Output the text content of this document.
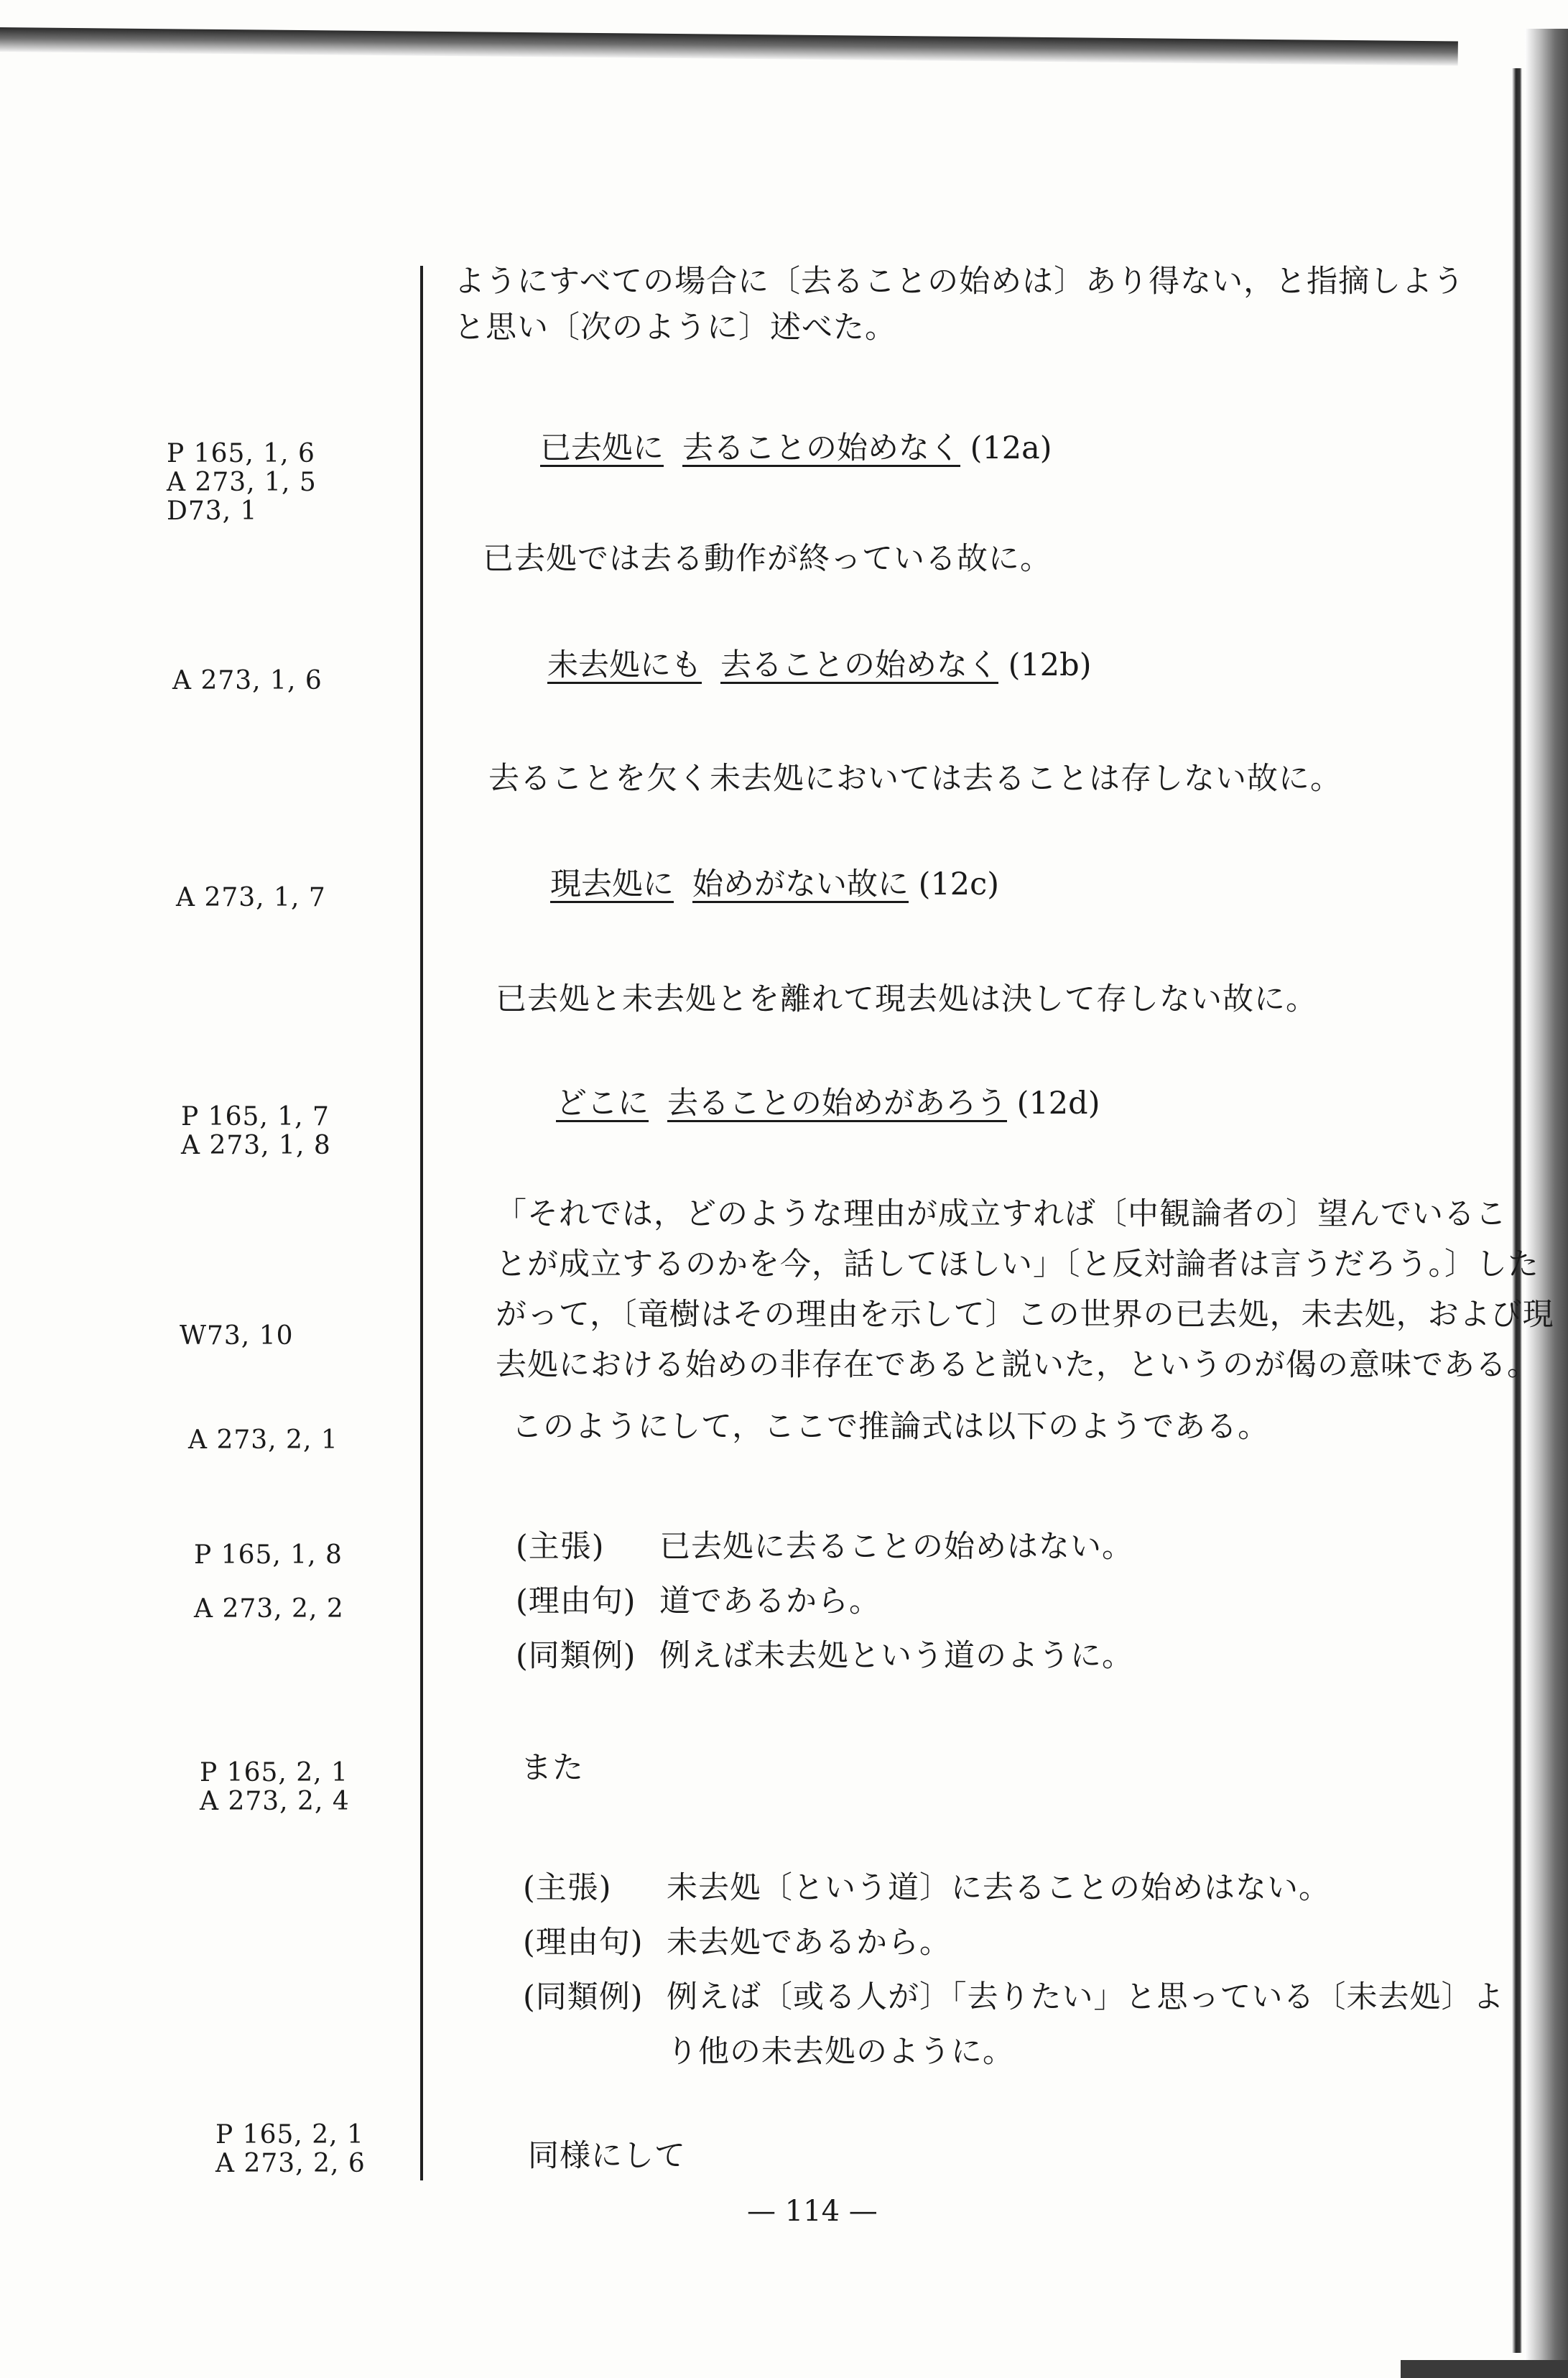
P 165, 1, 6
A 273, 1, 5
D73, 1
A 273, 1, 6
A 273, 1, 7
P 165, 1, 7
A 273, 1, 8
W73, 10
A 273, 2, 1
P 165, 1, 8
A 273, 2, 2
P 165, 2, 1
A 273, 2, 4
P 165, 2, 1
A 273, 2, 6
ようにすべての場合に〔去ることの始めは〕あり得ない，と指摘しよう
と思い〔次のように〕述べた。
已去処に 去ることの始めなく (12a)
已去処では去る動作が終っている故に。
未去処にも 去ることの始めなく (12b)
去ることを欠く未去処においては去ることは存しない故に。
現去処に 始めがない故に (12c)
已去処と未去処とを離れて現去処は決して存しない故に。
どこに 去ることの始めがあろう (12d)
「それでは，どのような理由が成立すれば〔中観論者の〕望んでいるこ
とが成立するのかを今，話してほしい」〔と反対論者は言うだろう。〕した
がって，〔竜樹はその理由を示して〕この世界の已去処，未去処，および現
去処における始めの非存在であると説いた，というのが偈の意味である。
このようにして，ここで推論式は以下のようである。
(主張) 已去処に去ることの始めはない。
(理由句) 道であるから。
(同類例) 例えば未去処という道のように。
また
(主張) 未去処〔という道〕に去ることの始めはない。
(理由句) 未去処であるから。
(同類例) 例えば〔或る人が〕「去りたい」と思っている〔未去処〕よ
り他の未去処のように。
同様にして
— 114 —
